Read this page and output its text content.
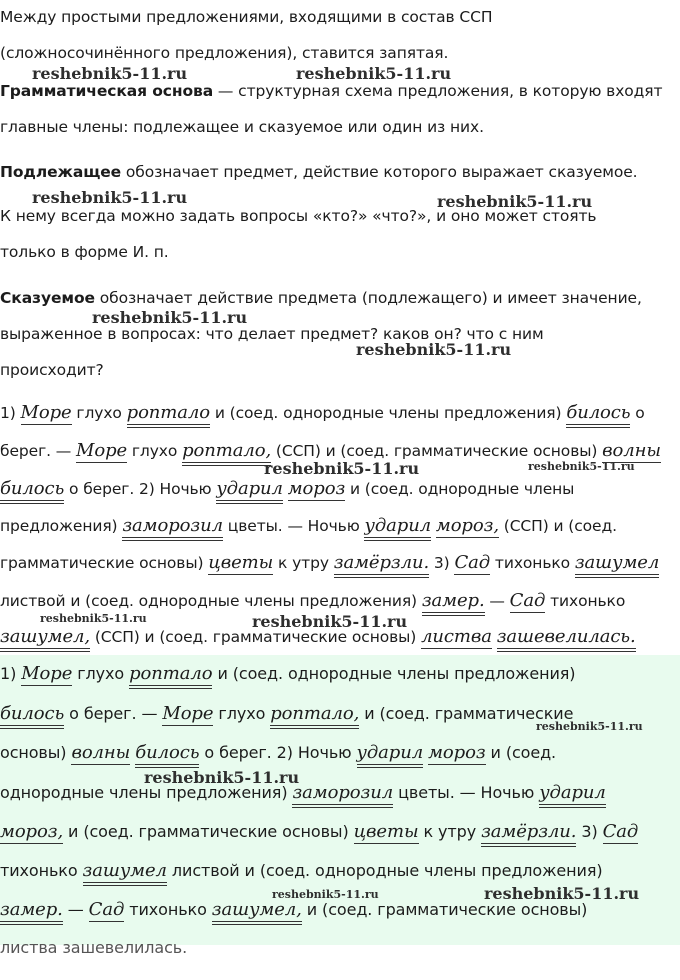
Между простыми предложениями, входящими в состав ССП
(сложносочинённого предложения), ставится запятая.
Грамматическая основа — структурная схема предложения, в которую входят
главные члены: подлежащее и сказуемое или один из них.
Подлежащее обозначает предмет, действие которого выражает сказуемое.
К нему всегда можно задать вопросы «кто?» «что?», и оно может стоять
только в форме И. п.
Сказуемое обозначает действие предмета (подлежащего) и имеет значение,
выраженное в вопросах: что делает предмет? каков он? что с ним
происходит?
1) Море глухо роптало и (соед. однородные члены предложения) билось о
берег. — Море глухо роптало, (ССП) и (соед. грамматические основы) волны
билось о берег. 2) Ночью ударил мороз и (соед. однородные члены
предложения) заморозил цветы. — Ночью ударил мороз, (ССП) и (соед.
грамматические основы) цветы к утру замёрзли. 3) Сад тихонько зашумел
листвой и (соед. однородные члены предложения) замер. — Сад тихонько
зашумел, (ССП) и (соед. грамматические основы) листва зашевелилась.
1) Море глухо роптало и (соед. однородные члены предложения)
билось о берег. — Море глухо роптало, и (соед. грамматические
основы) волны билось о берег. 2) Ночью ударил мороз и (соед.
однородные члены предложения) заморозил цветы. — Ночью ударил
мороз, и (соед. грамматические основы) цветы к утру замёрзли. 3) Сад
тихонько зашумел листвой и (соед. однородные члены предложения)
замер. — Сад тихонько зашумел, и (соед. грамматические основы)
листва зашевелилась.
reshebnik5-11.ru	reshebnik5-11.ru
reshebnik5-11.ru	reshebnik5-11.ru
reshebnik5-11.ru
reshebnik5-11.ru
reshebnik5-11.ru	reshebnik5-11.ru
reshebnik5-11.ru	reshebnik5-11.ru
reshebnik5-11.ru
reshebnik5-11.ru
reshebnik5-11.ru	reshebnik5-11.ru
